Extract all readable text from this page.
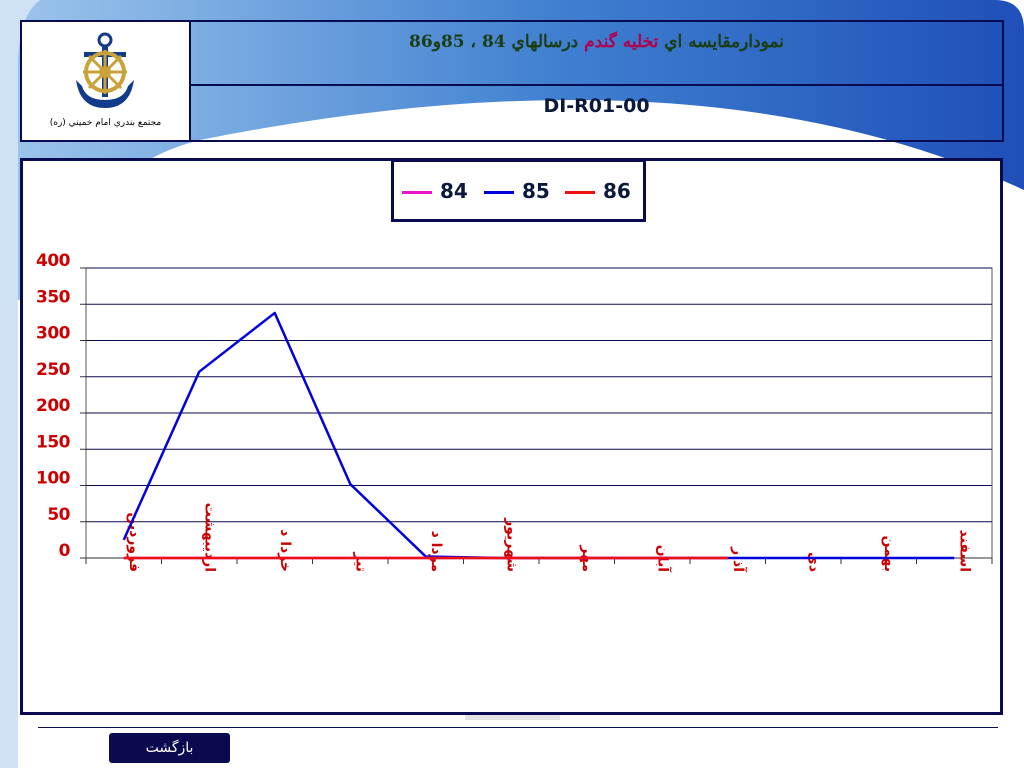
مجتمع بندري امام خميني (ره)
نمودارمقايسه اي تخليه گندم درسالهاي 84 ، 85و86
DI-R01-00
0
50
100
150
200
250
300
350
400
فروردين	ارديبهشت	خردا د	تير	مردا د	شهريور	مهر	آبان	آذ ر	دي	بهمن	اسفند
84	85	86
بازگشت
